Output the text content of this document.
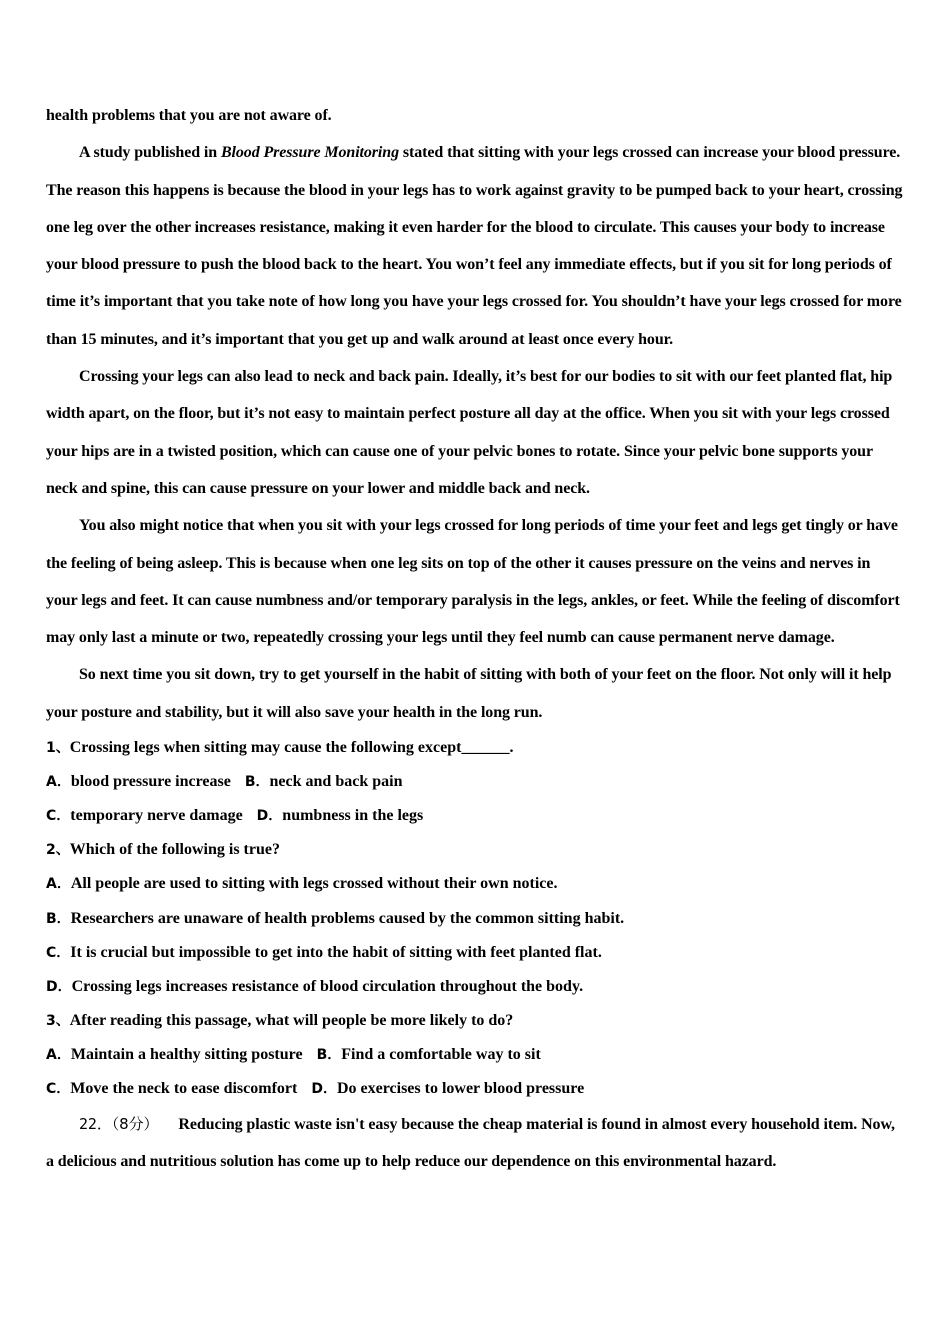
health problems that you are not aware of.

A study published in Blood Pressure Monitoring stated that sitting with your legs crossed can increase your blood pressure. The reason this happens is because the blood in your legs has to work against gravity to be pumped back to your heart, crossing one leg over the other increases resistance, making it even harder for the blood to circulate. This causes your body to increase your blood pressure to push the blood back to the heart. You won’t feel any immediate effects, but if you sit for long periods of time it’s important that you take note of how long you have your legs crossed for. You shouldn’t have your legs crossed for more than 15 minutes, and it’s important that you get up and walk around at least once every hour.

Crossing your legs can also lead to neck and back pain. Ideally, it’s best for our bodies to sit with our feet planted flat, hip width apart, on the floor, but it’s not easy to maintain perfect posture all day at the office. When you sit with your legs crossed your hips are in a twisted position, which can cause one of your pelvic bones to rotate. Since your pelvic bone supports your neck and spine, this can cause pressure on your lower and middle back and neck.

You also might notice that when you sit with your legs crossed for long periods of time your feet and legs get tingly or have the feeling of being asleep. This is because when one leg sits on top of the other it causes pressure on the veins and nerves in your legs and feet. It can cause numbness and/or temporary paralysis in the legs, ankles, or feet. While the feeling of discomfort may only last a minute or two, repeatedly crossing your legs until they feel numb can cause permanent nerve damage.

So next time you sit down, try to get yourself in the habit of sitting with both of your feet on the floor. Not only will it help your posture and stability, but it will also save your health in the long run.

1、Crossing legs when sitting may cause the following except______.

A．blood pressure increase B．neck and back pain

C．temporary nerve damage D．numbness in the legs

2、Which of the following is true?

A．All people are used to sitting with legs crossed without their own notice.

B．Researchers are unaware of health problems caused by the common sitting habit.

C．It is crucial but impossible to get into the habit of sitting with feet planted flat.

D．Crossing legs increases resistance of blood circulation throughout the body.

3、After reading this passage, what will people be more likely to do?

A．Maintain a healthy sitting posture B．Find a comfortable way to sit

C．Move the neck to ease discomfort D．Do exercises to lower blood pressure

22．（8分） Reducing plastic waste isn't easy because the cheap material is found in almost every household item. Now, a delicious and nutritious solution has come up to help reduce our dependence on this environmental hazard.
